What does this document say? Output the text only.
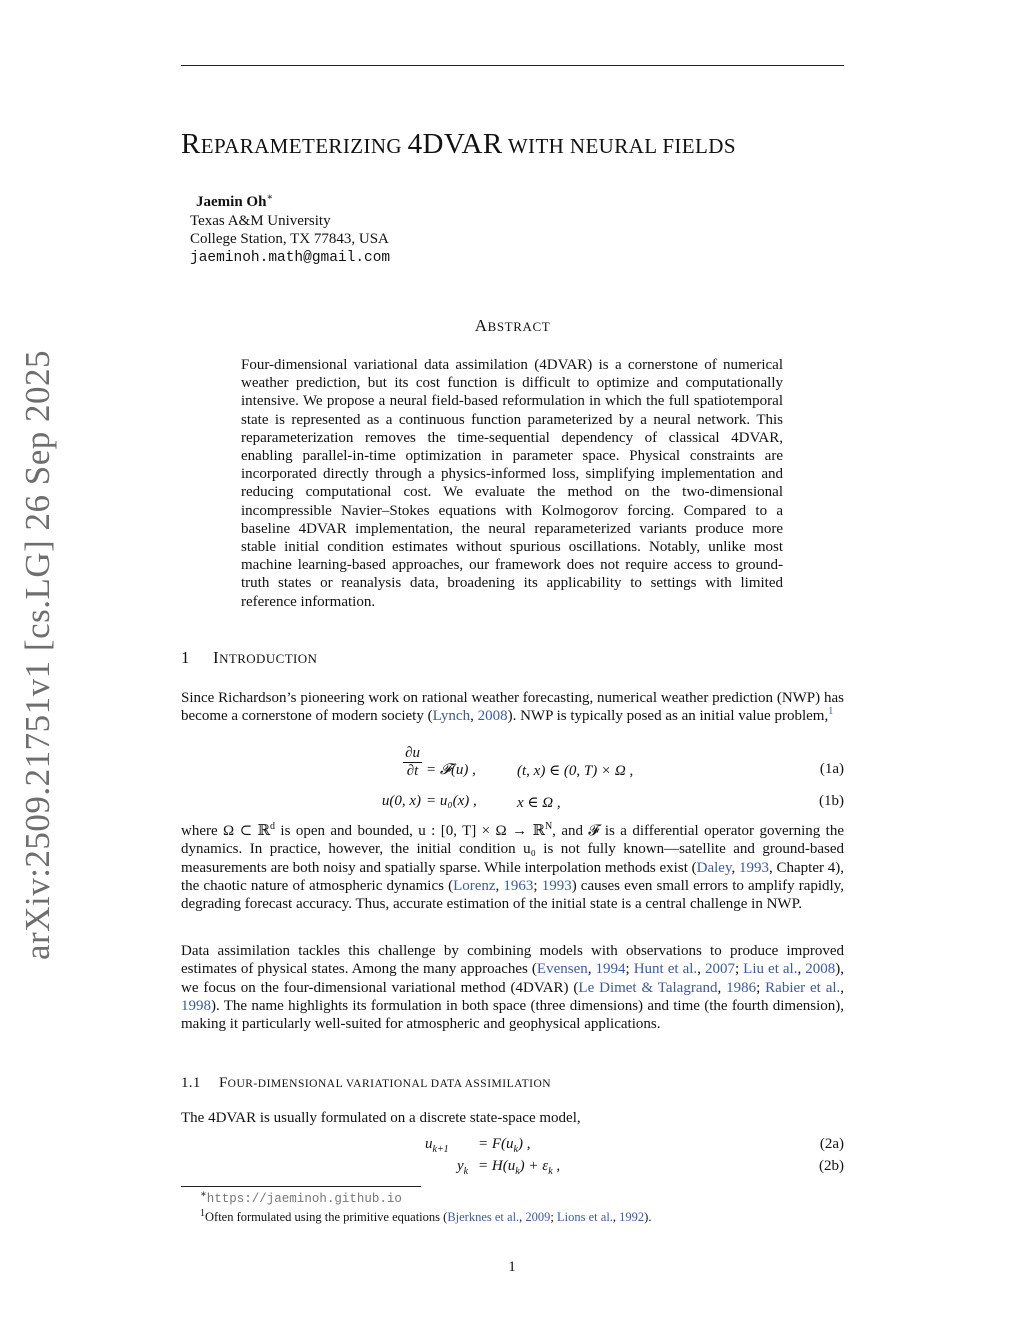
arXiv:2509.21751v1 [cs.LG] 26 Sep 2025
REPARAMETERIZING 4DVAR WITH NEURAL FIELDS
Jaemin Oh∗
Texas A&M University
College Station, TX 77843, USA
jaeminoh.math@gmail.com
ABSTRACT
Four-dimensional variational data assimilation (4DVAR) is a cornerstone of numerical weather prediction, but its cost function is difficult to optimize and computationally intensive. We propose a neural field-based reformulation in which the full spatiotemporal state is represented as a continuous function parameterized by a neural network. This reparameterization removes the time-sequential dependency of classical 4DVAR, enabling parallel-in-time optimization in parameter space. Physical constraints are incorporated directly through a physics-informed loss, simplifying implementation and reducing computational cost. We evaluate the method on the two-dimensional incompressible Navier–Stokes equations with Kolmogorov forcing. Compared to a baseline 4DVAR implementation, the neural reparameterized variants produce more stable initial condition estimates without spurious oscillations. Notably, unlike most machine learning-based approaches, our framework does not require access to ground-truth states or reanalysis data, broadening its applicability to settings with limited reference information.
1 INTRODUCTION
Since Richardson’s pioneering work on rational weather forecasting, numerical weather prediction (NWP) has become a cornerstone of modern society (Lynch, 2008). NWP is typically posed as an initial value problem,$^1$
$\frac{\partial u}{\partial t}$ = 𝓕(u) ,	(t, x) ∈ (0, T) × Ω ,	(1a)
u(0, x) = u₀(x) ,	x ∈ Ω ,	(1b)
where Ω ⊂ ℝ$^d$ is open and bounded, u : [0, T] × Ω → ℝ$^N$, and 𝓕 is a differential operator governing the dynamics. In practice, however, the initial condition u₀ is not fully known—satellite and ground-based measurements are both noisy and spatially sparse. While interpolation methods exist (Daley, 1993, Chapter 4), the chaotic nature of atmospheric dynamics (Lorenz, 1963; 1993) causes even small errors to amplify rapidly, degrading forecast accuracy. Thus, accurate estimation of the initial state is a central challenge in NWP.
Data assimilation tackles this challenge by combining models with observations to produce improved estimates of physical states. Among the many approaches (Evensen, 1994; Hunt et al., 2007; Liu et al., 2008), we focus on the four-dimensional variational method (4DVAR) (Le Dimet & Talagrand, 1986; Rabier et al., 1998). The name highlights its formulation in both space (three dimensions) and time (the fourth dimension), making it particularly well-suited for atmospheric and geophysical applications.
1.1 FOUR-DIMENSIONAL VARIATIONAL DATA ASSIMILATION
The 4DVAR is usually formulated on a discrete state-space model,
$u_{k+1} = F(u_k)$ ,	(2a)
$y_k = H(u_k) + \varepsilon_k$ ,	(2b)
∗https://jaeminoh.github.io
$^1$Often formulated using the primitive equations (Bjerknes et al., 2009; Lions et al., 1992).
1
